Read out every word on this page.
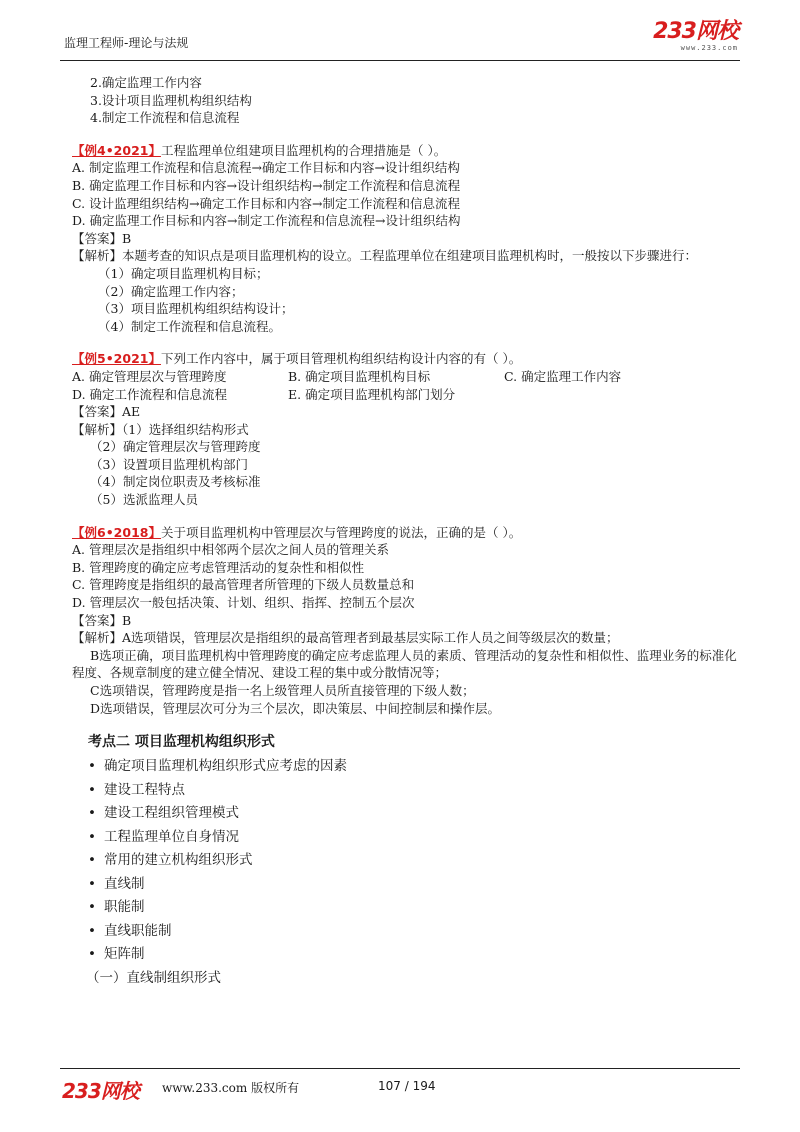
监理工程师-理论与法规	233网校
www.233.com
2.确定监理工作内容
3.设计项目监理机构组织结构
4.制定工作流程和信息流程
【例4•2021】工程监理单位组建项目监理机构的合理措施是（ ）。
A. 制定监理工作流程和信息流程→确定工作目标和内容→设计组织结构
B. 确定监理工作目标和内容→设计组织结构→制定工作流程和信息流程
C. 设计监理组织结构→确定工作目标和内容→制定工作流程和信息流程
D. 确定监理工作目标和内容→制定工作流程和信息流程→设计组织结构
【答案】B
【解析】本题考查的知识点是项目监理机构的设立。工程监理单位在组建项目监理机构时，一般按以下步骤进行：
（1）确定项目监理机构目标；
（2）确定监理工作内容；
（3）项目监理机构组织结构设计；
（4）制定工作流程和信息流程。
【例5•2021】下列工作内容中，属于项目管理机构组织结构设计内容的有（ ）。
A. 确定管理层次与管理跨度	B. 确定项目监理机构目标	C. 确定监理工作内容
D. 确定工作流程和信息流程	E. 确定项目监理机构部门划分
【答案】AE
【解析】（1）选择组织结构形式
（2）确定管理层次与管理跨度
（3）设置项目监理机构部门
（4）制定岗位职责及考核标准
（5）选派监理人员
【例6•2018】关于项目监理机构中管理层次与管理跨度的说法，正确的是（ ）。
A. 管理层次是指组织中相邻两个层次之间人员的管理关系
B. 管理跨度的确定应考虑管理活动的复杂性和相似性
C. 管理跨度是指组织的最高管理者所管理的下级人员数量总和
D. 管理层次一般包括决策、计划、组织、指挥、控制五个层次
【答案】B
【解析】A选项错误，管理层次是指组织的最高管理者到最基层实际工作人员之间等级层次的数量；
B选项正确，项目监理机构中管理跨度的确定应考虑监理人员的素质、管理活动的复杂性和相似性、监理业务的标准化程度、各规章制度的建立健全情况、建设工程的集中或分散情况等；
C选项错误，管理跨度是指一名上级管理人员所直接管理的下级人数；
D选项错误，管理层次可分为三个层次，即决策层、中间控制层和操作层。
考点二 项目监理机构组织形式
• 确定项目监理机构组织形式应考虑的因素
• 建设工程特点
• 建设工程组织管理模式
• 工程监理单位自身情况
• 常用的建立机构组织形式
• 直线制
• 职能制
• 直线职能制
• 矩阵制
（一）直线制组织形式
233网校 www.233.com 版权所有	107 / 194
